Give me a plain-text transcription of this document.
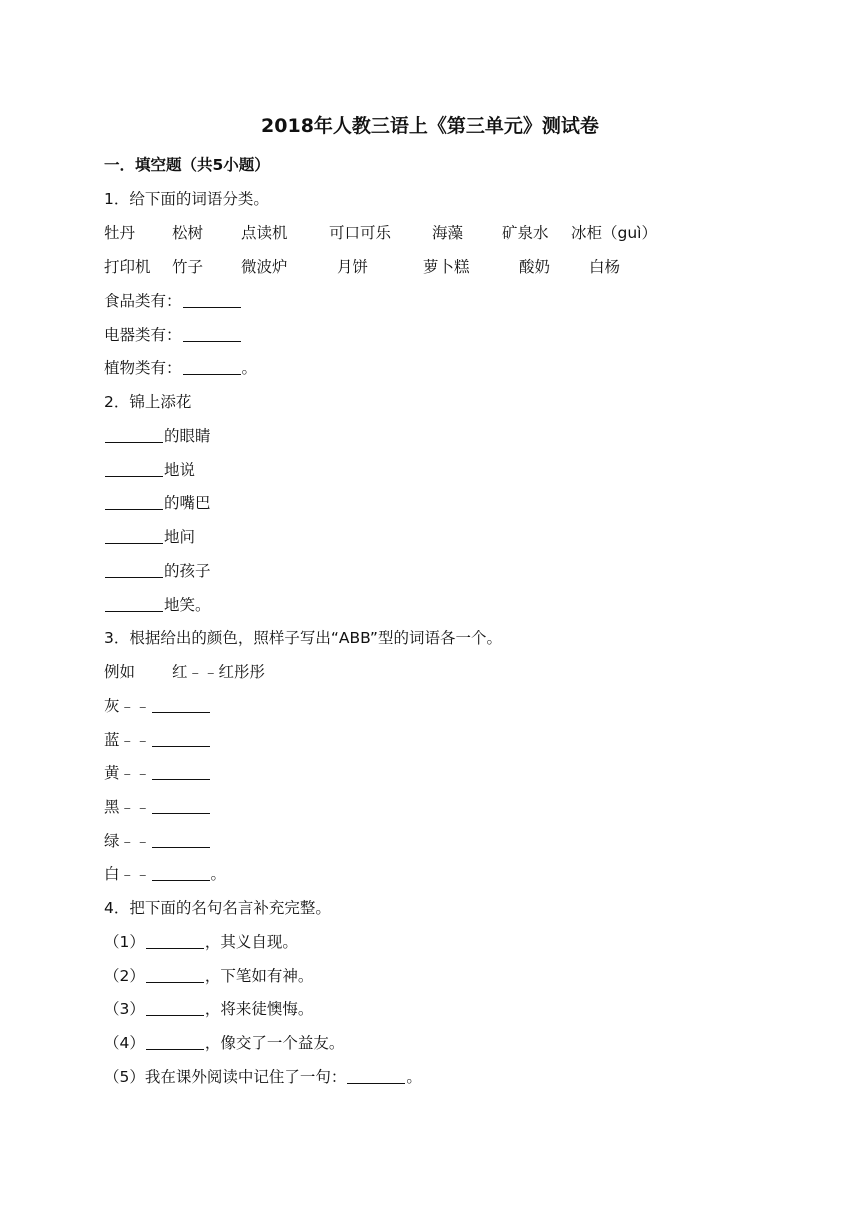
2018年人教三语上《第三单元》测试卷
一．填空题（共5小题）
1．给下面的词语分类。
牡丹 松树 点读机	可口可乐	海藻	矿泉水 冰柜（guì）
打印机 竹子 微波炉	月饼	萝卜糕	酸奶	白杨
食品类有：
电器类有：
植物类有：	。
2．锦上添花
的眼睛
地说
的嘴巴
地问
的孩子
地笑。
3．根据给出的颜色，照样子写出“ABB”型的词语各一个。
例如 红﹣﹣红彤彤
灰﹣﹣
蓝﹣﹣
黄﹣﹣
黑﹣﹣
绿﹣﹣
白﹣﹣	。
4．把下面的名句名言补充完整。
（1）	，其义自现。
（2）	，下笔如有神。
（3）	，将来徒懊悔。
（4）	，像交了一个益友。
（5）我在课外阅读中记住了一句：	。
